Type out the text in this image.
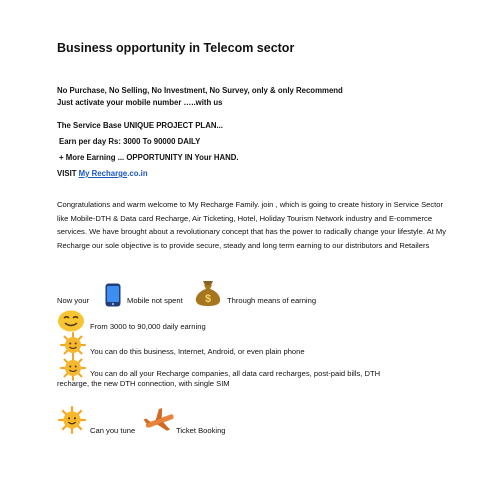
Business opportunity in Telecom sector
No Purchase, No Selling, No Investment, No Survey, only & only Recommend
Just activate your mobile number …..with us
The Service Base UNIQUE PROJECT PLAN...
Earn per day Rs: 3000 To 90000 DAILY
+ More Earning ... OPPORTUNITY IN Your HAND.
VISIT My Recharge.co.in
Congratulations and warm welcome to My Recharge Family. join , which is going to create history in Service Sector like Mobile-DTH & Data card Recharge, Air Ticketing, Hotel, Holiday Tourism Network industry and E-commerce services. We have brought about a revolutionary concept that has the power to radically change your lifestyle. At My Recharge our sole objective is to provide secure, steady and long term earning to our distributors and Retailers
Now your	Mobile not spent $ Through means of earning
From 3000 to 90,000 daily earning
You can do this business, Internet, Android, or even plain phone
You can do all your Recharge companies, all data card recharges, post-paid bills, DTH
recharge, the new DTH connection, with single SIM
Can you tune	Ticket Booking
